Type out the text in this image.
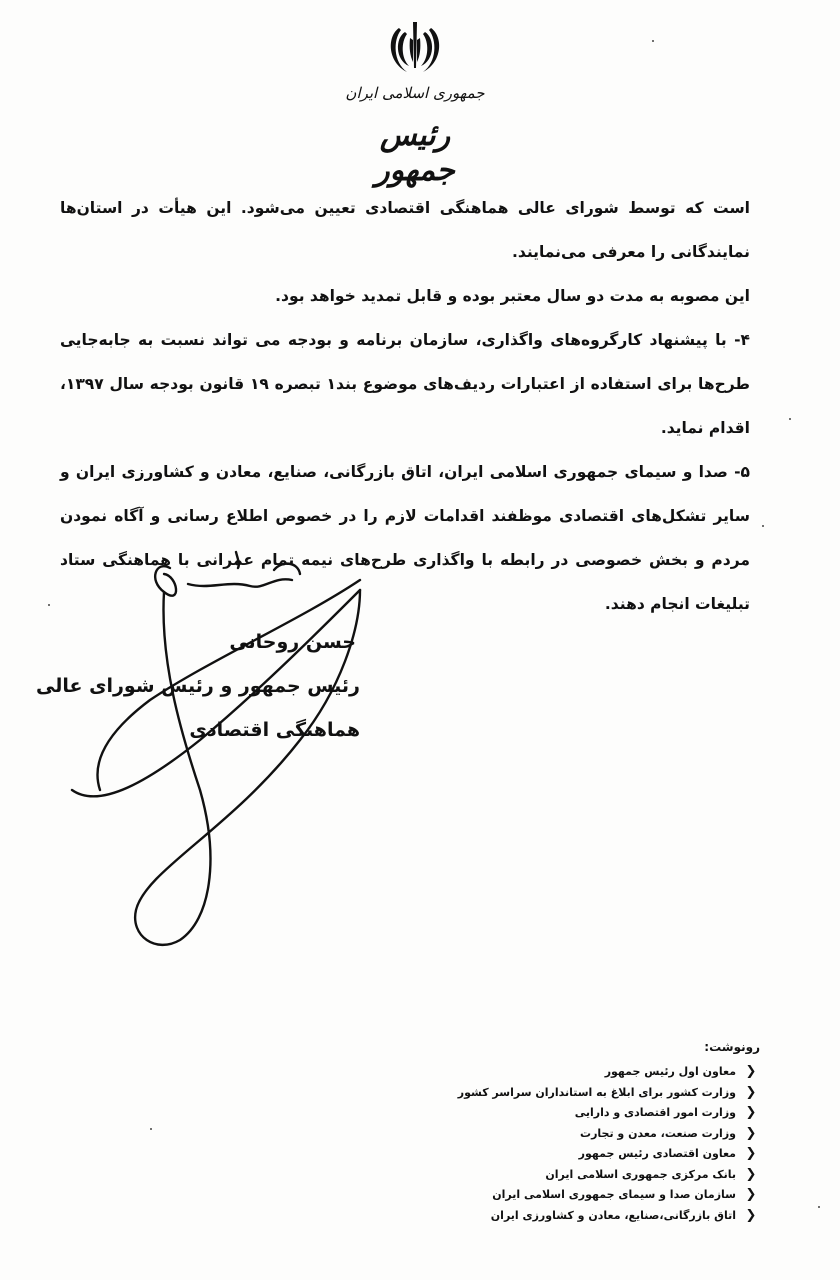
جمهوری اسلامی ایران
رئیس جمهور

است که توسط شورای عالی هماهنگی اقتصادی تعیین می‌شود. این هیأت در استان‌ها نمایندگانی را معرفی می‌نمایند.

این مصوبه به مدت دو سال معتبر بوده و قابل تمدید خواهد بود.

۴- با پیشنهاد کارگروه‌های واگذاری، سازمان برنامه و بودجه می تواند نسبت به جابه‌جایی طرح‌ها برای استفاده از اعتبارات ردیف‌های موضوع بند۱ تبصره ۱۹ قانون بودجه سال ۱۳۹۷، اقدام نماید.

۵- صدا و سیمای جمهوری اسلامی ایران، اتاق بازرگانی، صنایع، معادن و کشاورزی ایران و سایر تشکل‌های اقتصادی موظفند اقدامات لازم را در خصوص اطلاع رسانی و آگاه نمودن مردم و بخش خصوصی در رابطه با واگذاری طرح‌های نیمه تمام عمرانی با هماهنگی ستاد تبلیغات انجام دهند.

حسن روحانی
رئیس جمهور و رئیس شورای عالی
هماهنگی اقتصادی
رونوشت:
❮
معاون اول رئیس جمهور
❮
وزارت کشور برای ابلاغ به استانداران سراسر کشور
❮
وزارت امور اقتصادی و دارایی
❮
وزارت صنعت، معدن و تجارت
❮
معاون اقتصادی رئیس جمهور
❮
بانک مرکزی جمهوری اسلامی ایران
❮
سازمان صدا و سیمای جمهوری اسلامی ایران
❮
اتاق بازرگانی،صنایع، معادن و کشاورزی ایران
